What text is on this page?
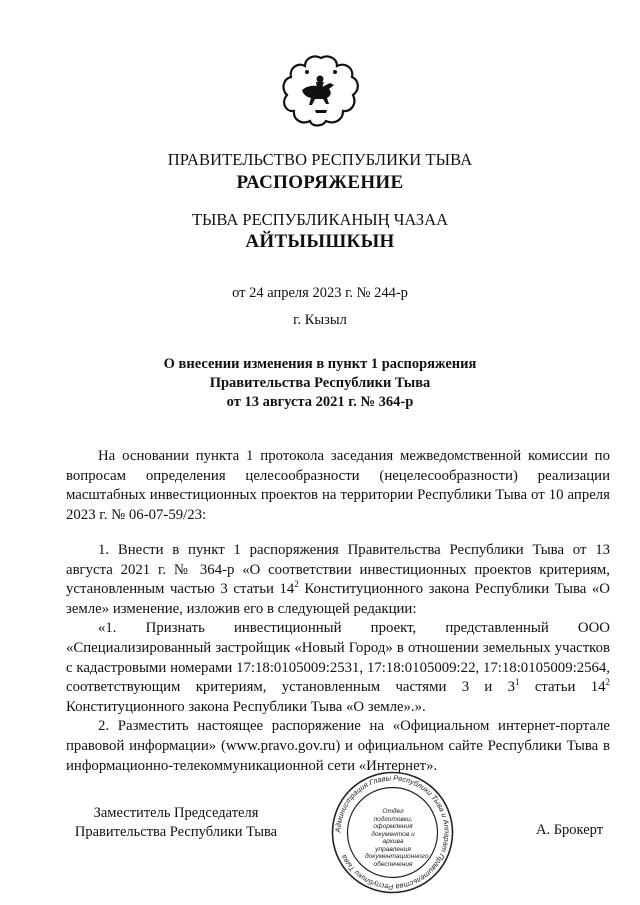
ПРАВИТЕЛЬСТВО РЕСПУБЛИКИ ТЫВА
РАСПОРЯЖЕНИЕ
ТЫВА РЕСПУБЛИКАНЫҢ ЧАЗАА
АЙТЫЫШКЫН
от 24 апреля 2023 г. № 244-р
г. Кызыл
О внесении изменения в пункт 1 распоряжения
Правительства Республики Тыва
от 13 августа 2021 г. № 364-р

На основании пункта 1 протокола заседания межведомственной комиссии по вопросам определения целесообразности (нецелесообразности) реализации масштабных инвестиционных проектов на территории Республики Тыва от 10 апреля 2023 г. № 06-07-59/23:

1. Внести в пункт 1 распоряжения Правительства Республики Тыва от 13 августа 2021 г. № 364-р «О соответствии инвестиционных проектов критериям, установленным частью 3 статьи $14^2$ Конституционного закона Республики Тыва «О земле» изменение, изложив его в следующей редакции:

«1. Признать инвестиционный проект, представленный ООО «Специализированный застройщик «Новый Город» в отношении земельных участков с кадастровыми номерами 17:18:0105009:2531, 17:18:0105009:22, 17:18:0105009:2564, соответствующим критериям, установленным частями 3 и $3^1$ статьи $14^2$ Конституционного закона Республики Тыва «О земле».».

2. Разместить настоящее распоряжение на «Официальном интернет-портале правовой информации» (www.pravo.gov.ru) и официальном сайте Республики Тыва в информационно-телекоммуникационной сети «Интернет».

Заместитель Председателя
Правительства Республики Тыва	Администрация Главы Республики Тыва и Аппарат Правительства Республики Тыва
Отдел подготовки, оформления документов и архива управления документационного обеспечения
А. Брокерт
